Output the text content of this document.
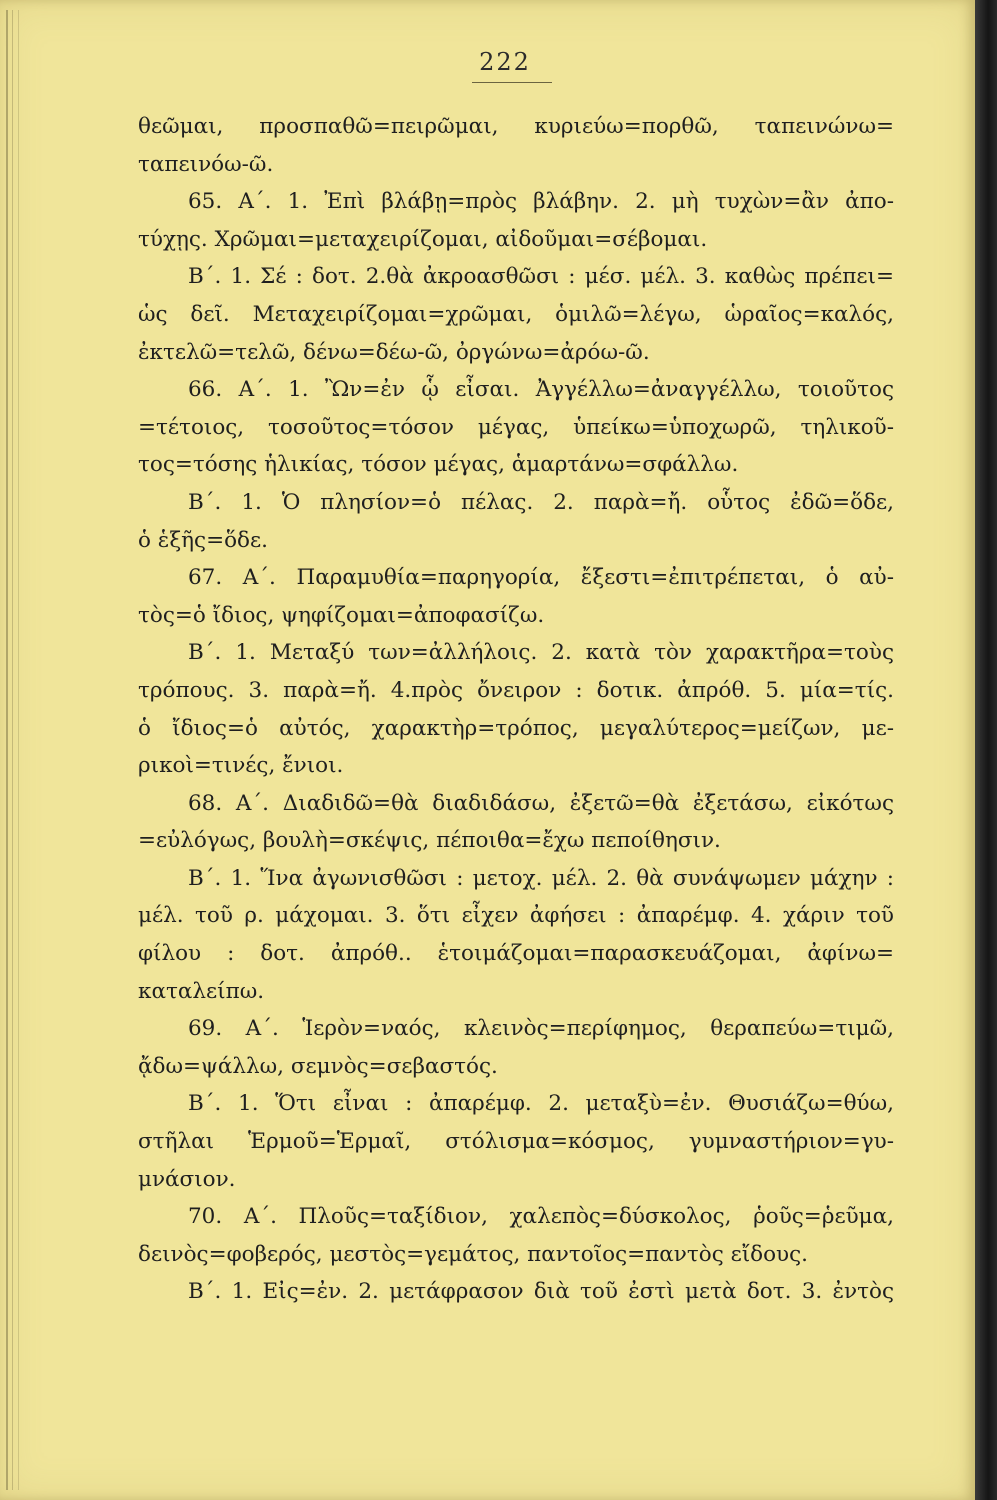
222
θεῶμαι, προσπαθῶ=πειρῶμαι, κυριεύω=πορθῶ, ταπεινώνω=
ταπεινόω-ῶ.
65. Α΄. 1. Ἐπὶ βλάβῃ=πρὸς βλάβην. 2. μὴ τυχὼν=ἂν ἀπο-
τύχῃς. Χρῶμαι=μεταχειρίζομαι, αἰδοῦμαι=σέβομαι.
Β΄. 1. Σέ : δοτ. 2.θὰ ἀκροασθῶσι : μέσ. μέλ. 3. καθὼς πρέπει=
ὡς δεῖ. Μεταχειρίζομαι=χρῶμαι, ὁμιλῶ=λέγω, ὡραῖος=καλός,
ἐκτελῶ=τελῶ, δένω=δέω-ῶ, ὀργώνω=ἀρόω-ῶ.
66. Α΄. 1. Ὢν=ἐν ᾧ εἶσαι. Ἀγγέλλω=ἀναγγέλλω, τοιοῦτος
=τέτοιος, τοσοῦτος=τόσον μέγας, ὑπείκω=ὑποχωρῶ, τηλικοῦ-
τος=τόσης ἡλικίας, τόσον μέγας, ἁμαρτάνω=σφάλλω.
Β΄. 1. Ὁ πλησίον=ὁ πέλας. 2. παρὰ=ἤ. οὗτος ἐδῶ=ὅδε,
ὁ ἑξῆς=ὅδε.
67. Α΄. Παραμυθία=παρηγορία, ἔξεστι=ἐπιτρέπεται, ὁ αὐ-
τὸς=ὁ ἴδιος, ψηφίζομαι=ἀποφασίζω.
Β΄. 1. Μεταξύ των=ἀλλήλοις. 2. κατὰ τὸν χαρακτῆρα=τοὺς
τρόπους. 3. παρὰ=ἤ. 4.πρὸς ὄνειρον : δοτικ. ἀπρόθ. 5. μία=τίς.
ὁ ἴδιος=ὁ αὐτός, χαρακτὴρ=τρόπος, μεγαλύτερος=μείζων, με-
ρικοὶ=τινές, ἔνιοι.
68. Α΄. Διαδιδῶ=θὰ διαδιδάσω, ἐξετῶ=θὰ ἐξετάσω, εἰκότως
=εὐλόγως, βουλὴ=σκέψις, πέποιθα=ἔχω πεποίθησιν.
Β΄. 1. Ἵνα ἀγωνισθῶσι : μετοχ. μέλ. 2. θὰ συνάψωμεν μάχην :
μέλ. τοῦ ρ. μάχομαι. 3. ὅτι εἶχεν ἀφήσει : ἀπαρέμφ. 4. χάριν τοῦ
φίλου : δοτ. ἀπρόθ.. ἑτοιμάζομαι=παρασκευάζομαι, ἀφίνω=
καταλείπω.
69. Α΄. Ἱερὸν=ναός, κλεινὸς=περίφημος, θεραπεύω=τιμῶ,
ᾄδω=ψάλλω, σεμνὸς=σεβαστός.
Β΄. 1. Ὅτι εἶναι : ἀπαρέμφ. 2. μεταξὺ=ἐν. Θυσιάζω=θύω,
στῆλαι Ἑρμοῦ=Ἑρμαῖ, στόλισμα=κόσμος, γυμναστήριον=γυ-
μνάσιον.
70. Α΄. Πλοῦς=ταξίδιον, χαλεπὸς=δύσκολος, ῥοῦς=ῥεῦμα,
δεινὸς=φοβερός, μεστὸς=γεμάτος, παντοῖος=παντὸς εἴδους.
Β΄. 1. Εἰς=ἐν. 2. μετάφρασον διὰ τοῦ ἐστὶ μετὰ δοτ. 3. ἐντὸς
